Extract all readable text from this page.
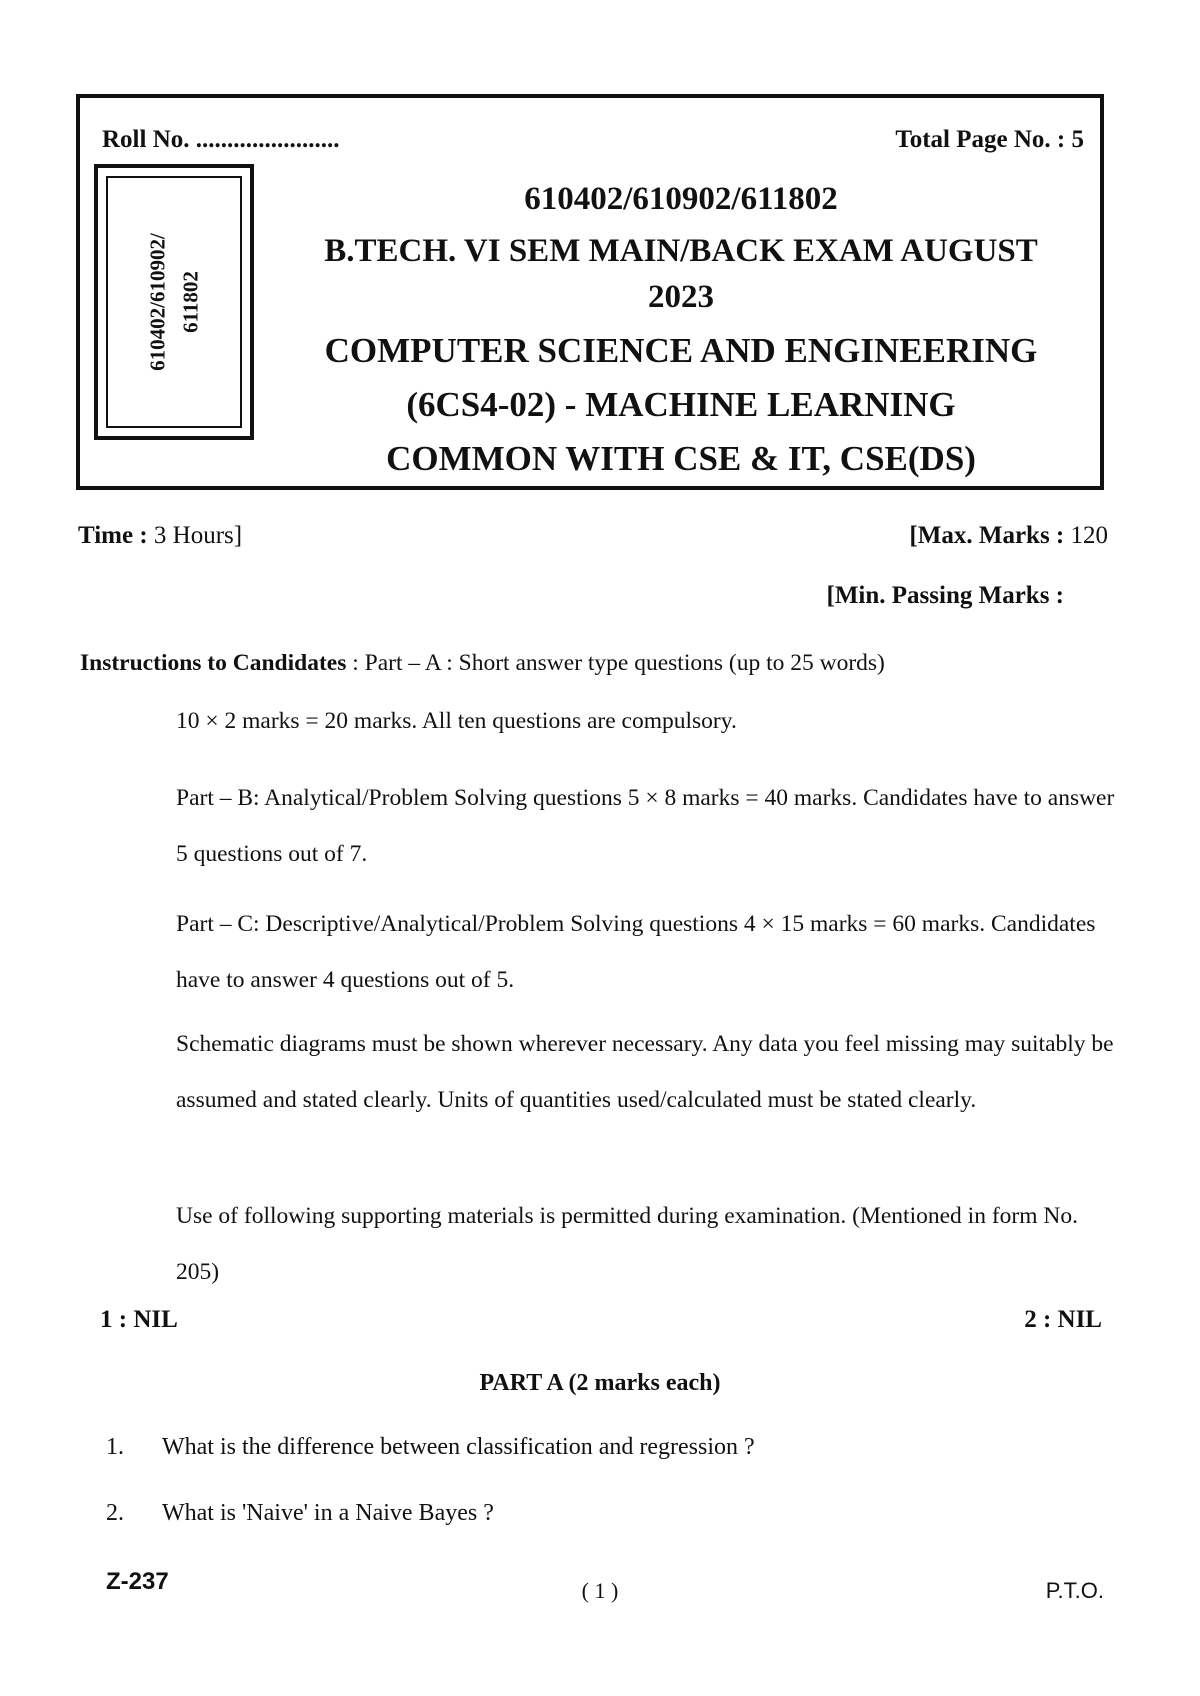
Roll No. .......................	Total Page No. : 5
610402/610902/ 611802
610402/610902/611802
B.TECH. VI SEM MAIN/BACK EXAM AUGUST
2023
COMPUTER SCIENCE AND ENGINEERING
(6CS4-02) - MACHINE LEARNING
COMMON WITH CSE & IT, CSE(DS)
Time : 3 Hours]	[Max. Marks : 120
[Min. Passing Marks :
Instructions to Candidates : Part – A : Short answer type questions (up to 25 words)
10 × 2 marks = 20 marks. All ten questions are compulsory.
Part – B: Analytical/Problem Solving questions 5 × 8 marks = 40 marks. Candidates have to answer 5 questions out of 7.
Part – C: Descriptive/Analytical/Problem Solving questions 4 × 15 marks = 60 marks. Candidates have to answer 4 questions out of 5.
Schematic diagrams must be shown wherever necessary. Any data you feel missing may suitably be assumed and stated clearly. Units of quantities used/calculated must be stated clearly.
Use of following supporting materials is permitted during examination. (Mentioned in form No. 205)
1 : NIL	2 : NIL
PART A (2 marks each)
1. What is the difference between classification and regression ?
2. What is 'Naive' in a Naive Bayes ?
Z-237	( 1 )	P.T.O.
